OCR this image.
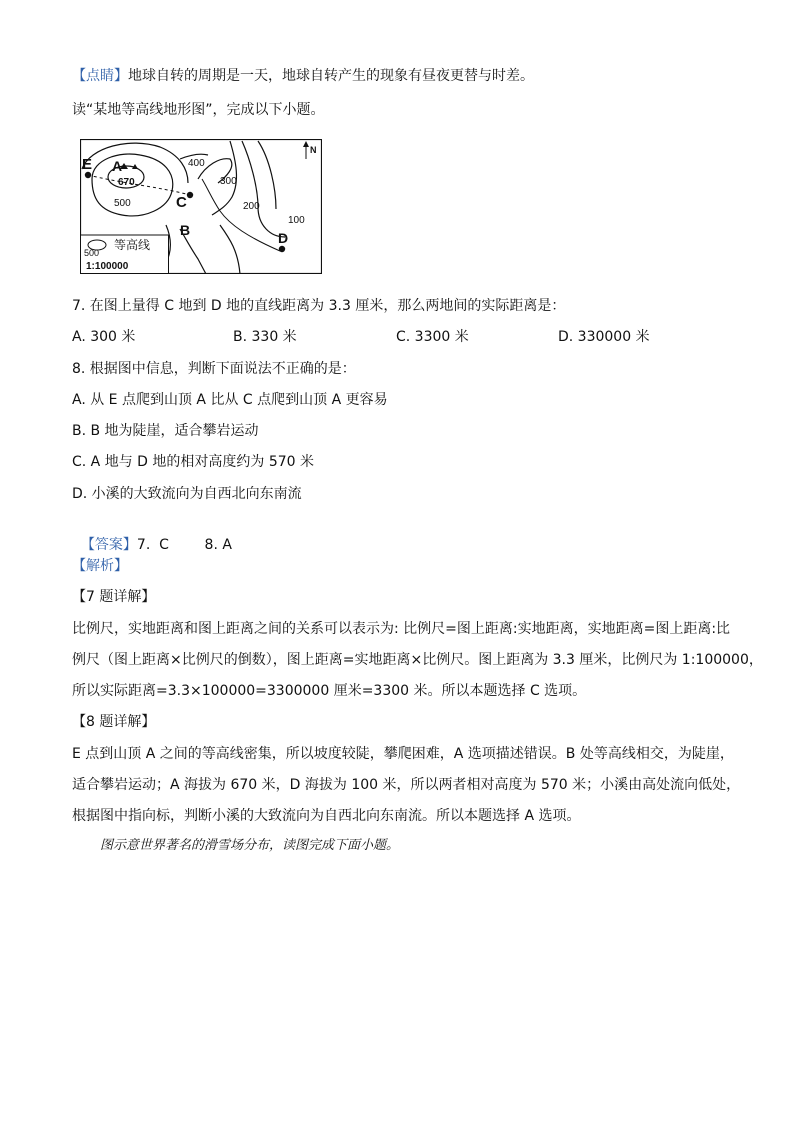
【点睛】地球自转的周期是一天，地球自转产生的现象有昼夜更替与时差。
读“某地等高线地形图”，完成以下小题。
E A
670
C
B	D
N
400
300
200
100
500
500
等高线
1:100000
7. 在图上量得 C 地到 D 地的直线距离为 3.3 厘米，那么两地间的实际距离是：
A. 300 米	B. 330 米	C. 3300 米	D. 330000 米
8. 根据图中信息，判断下面说法不正确的是：
A. 从 E 点爬到山顶 A 比从 C 点爬到山顶 A 更容易
B. B 地为陡崖，适合攀岩运动
C. A 地与 D 地的相对高度约为 570 米
D. 小溪的大致流向为自西北向东南流

【答案】7.  C        8. A

【解析】
【7 题详解】
比例尺，实地距离和图上距离之间的关系可以表示为: 比例尺=图上距离:实地距离，实地距离=图上距离:比
例尺（图上距离×比例尺的倒数），图上距离=实地距离×比例尺。图上距离为 3.3 厘米，比例尺为 1:100000，
所以实际距离=3.3×100000=3300000 厘米=3300 米。所以本题选择 C 选项。
【8 题详解】
E 点到山顶 A 之间的等高线密集，所以坡度较陡，攀爬困难，A 选项描述错误。B 处等高线相交，为陡崖，
适合攀岩运动；A 海拔为 670 米，D 海拔为 100 米，所以两者相对高度为 570 米；小溪由高处流向低处，
根据图中指向标，判断小溪的大致流向为自西北向东南流。所以本题选择 A 选项。
图示意世界著名的滑雪场分布，读图完成下面小题。
